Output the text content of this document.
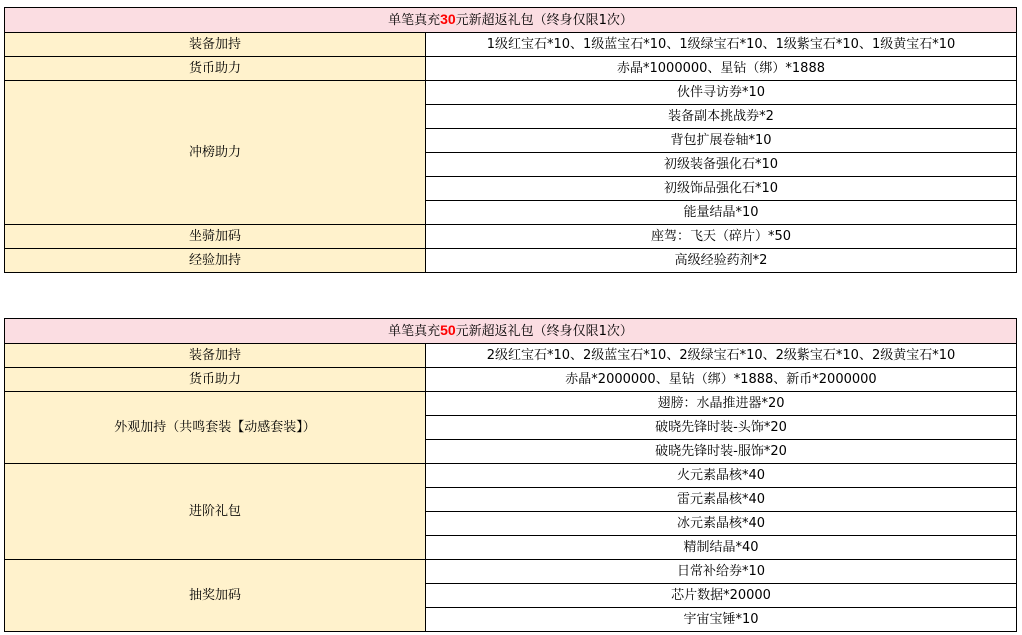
单笔真充30元新超返礼包（终身仅限1次）	
装备加持	1级红宝石*10、1级蓝宝石*10、1级绿宝石*10、1级紫宝石*10、1级黄宝石*10
货币助力	赤晶*1000000、星钻（绑）*1888
冲榜助力	伙伴寻访券*10
	装备副本挑战券*2
	背包扩展卷轴*10
	初级装备强化石*10
	初级饰品强化石*10
	能量结晶*10
坐骑加码	座驾：飞天（碎片）*50
经验加持	高级经验药剂*2
单笔真充50元新超返礼包（终身仅限1次）	
装备加持	2级红宝石*10、2级蓝宝石*10、2级绿宝石*10、2级紫宝石*10、2级黄宝石*10
货币助力	赤晶*2000000、星钻（绑）*1888、新币*2000000
外观加持（共鸣套装【动感套装】）	翅膀：水晶推进器*20
	破晓先锋时装-头饰*20
	破晓先锋时装-服饰*20
进阶礼包	火元素晶核*40
	雷元素晶核*40
	冰元素晶核*40
	精制结晶*40
抽奖加码	日常补给券*10
	芯片数据*20000
	宇宙宝锤*10
